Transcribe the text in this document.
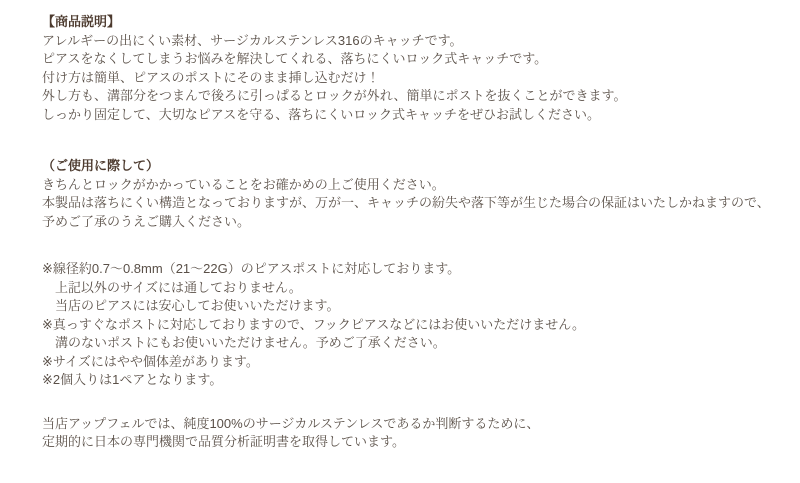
【商品説明】
アレルギーの出にくい素材、サージカルステンレス316のキャッチです。
ピアスをなくしてしまうお悩みを解決してくれる、落ちにくいロック式キャッチです。
付け方は簡単、ピアスのポストにそのまま挿し込むだけ！
外し方も、溝部分をつまんで後ろに引っぱるとロックが外れ、簡単にポストを抜くことができます。
しっかり固定して、大切なピアスを守る、落ちにくいロック式キャッチをぜひお試しください。
（ご使用に際して）
きちんとロックがかかっていることをお確かめの上ご使用ください。
本製品は落ちにくい構造となっておりますが、万が一、キャッチの紛失や落下等が生じた場合の保証はいたしかねますので、
予めご了承のうえご購入ください。
※線径約0.7～0.8mm（21～22G）のピアスポストに対応しております。
　上記以外のサイズには通しておりません。
　当店のピアスには安心してお使いいただけます。
※真っすぐなポストに対応しておりますので、フックピアスなどにはお使いいただけません。
　溝のないポストにもお使いいただけません。予めご了承ください。
※サイズにはやや個体差があります。
※2個入りは1ペアとなります。
当店アップフェルでは、純度100%のサージカルステンレスであるか判断するために、
定期的に日本の専門機関で品質分析証明書を取得しています。
